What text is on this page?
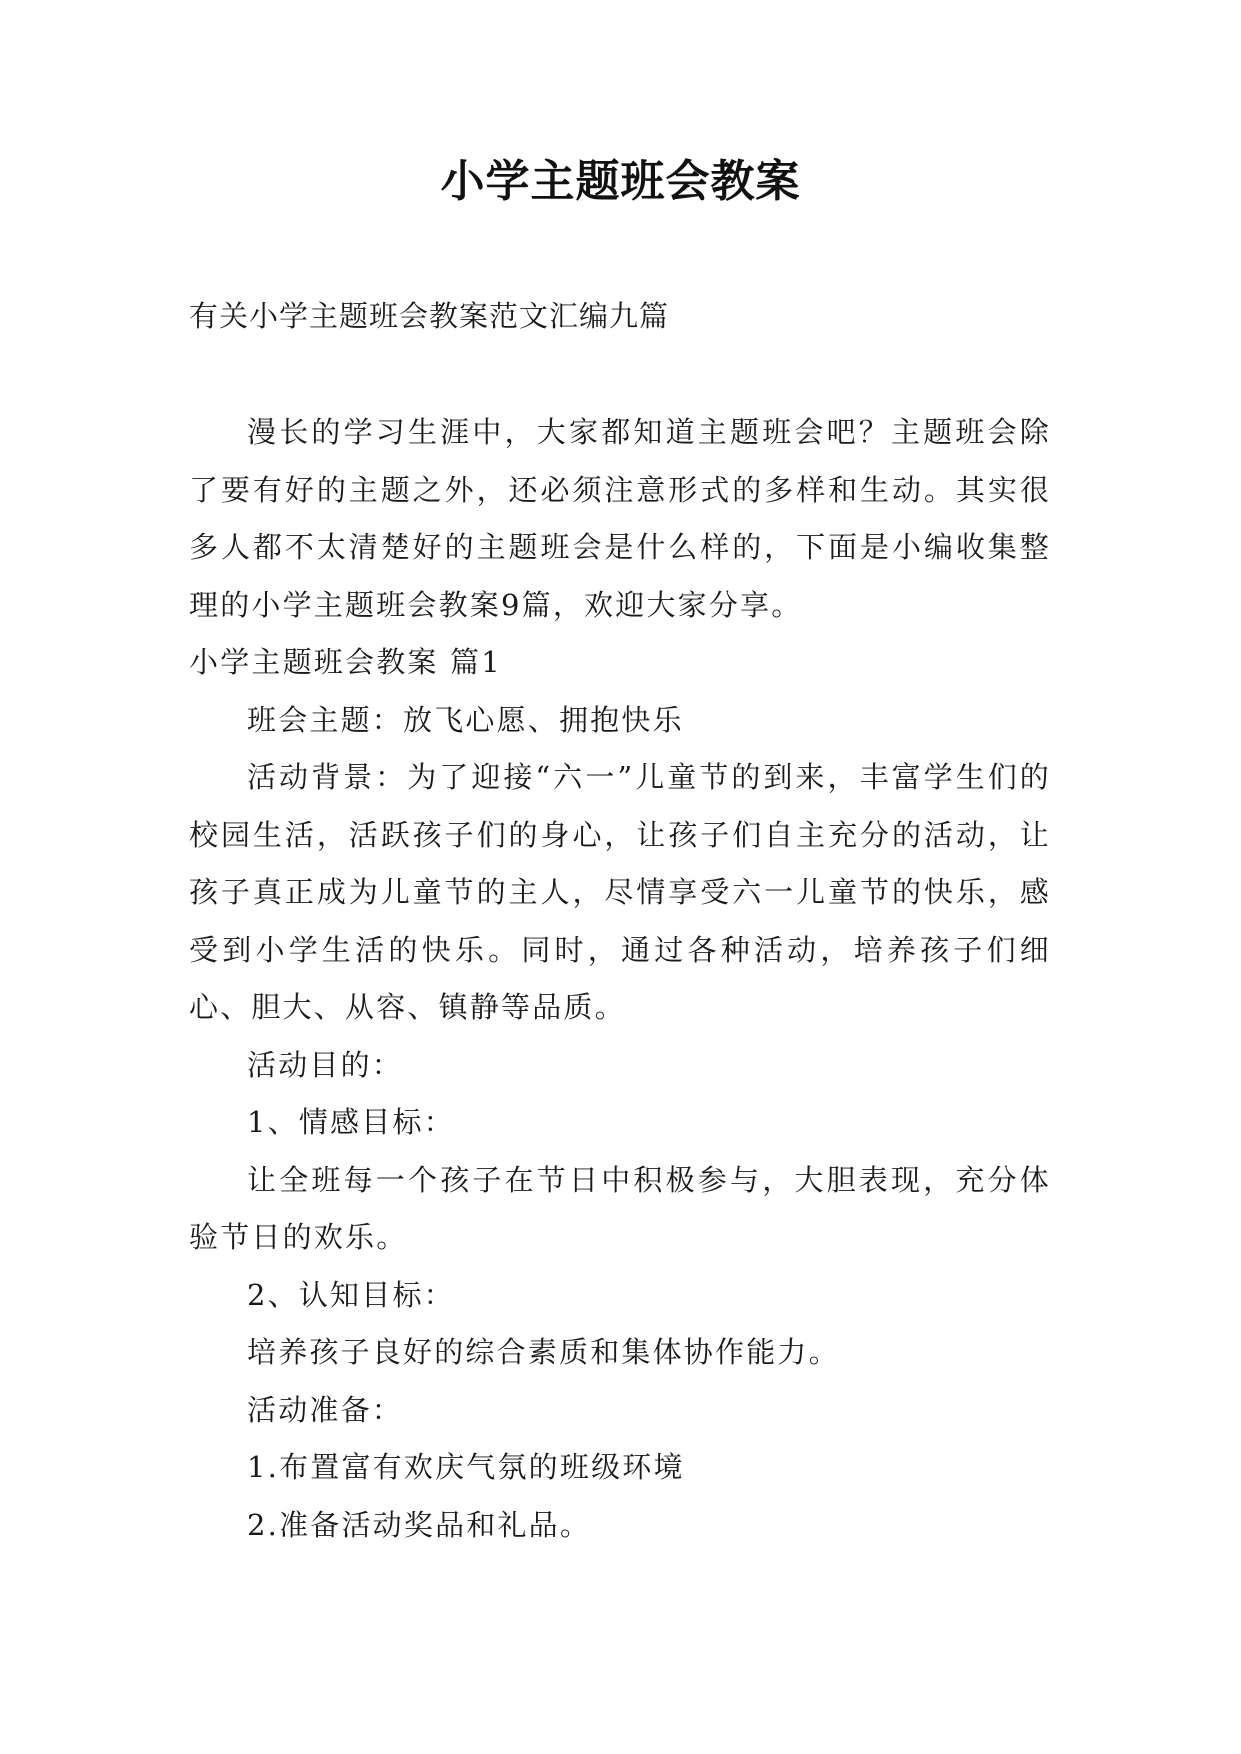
小学主题班会教案
有关小学主题班会教案范文汇编九篇

漫长的学习生涯中，大家都知道主题班会吧？主题班会除了要有好的主题之外，还必须注意形式的多样和生动。其实很多人都不太清楚好的主题班会是什么样的，下面是小编收集整理的小学主题班会教案9篇，欢迎大家分享。

小学主题班会教案 篇1

班会主题：放飞心愿、拥抱快乐

活动背景：为了迎接“六一”儿童节的到来，丰富学生们的校园生活，活跃孩子们的身心，让孩子们自主充分的活动，让孩子真正成为儿童节的主人，尽情享受六一儿童节的快乐，感受到小学生活的快乐。同时，通过各种活动，培养孩子们细心、胆大、从容、镇静等品质。

活动目的：

1、情感目标：

让全班每一个孩子在节日中积极参与，大胆表现，充分体验节日的欢乐。

2、认知目标：

培养孩子良好的综合素质和集体协作能力。

活动准备：

1.布置富有欢庆气氛的班级环境

2.准备活动奖品和礼品。
